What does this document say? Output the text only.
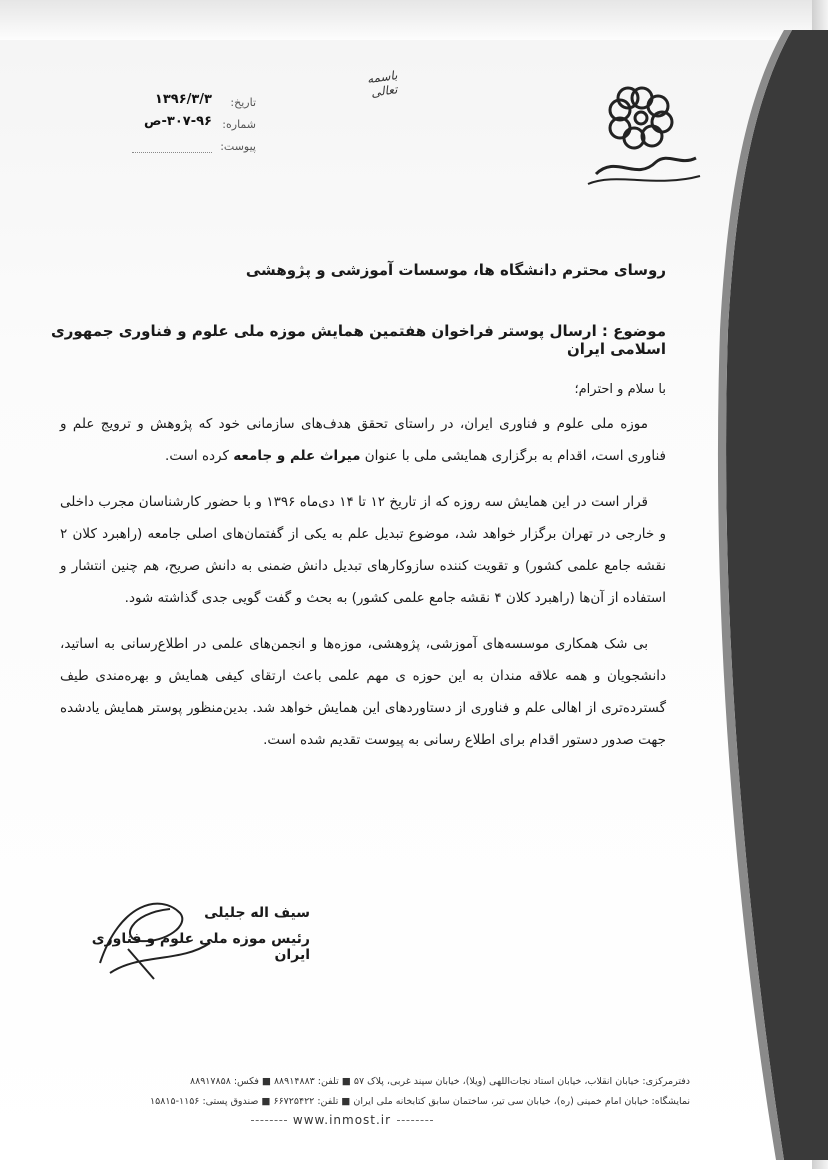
باسمه تعالی
تاریخ:
۱۳۹۶/۳/۳
شماره:
۳۰۷-۹۶-ص
پیوست:
روسای محترم دانشگاه ها، موسسات آموزشی و پژوهشی
موضوع : ارسال پوستر فراخوان هفتمین همایش موزه ملی علوم و فناوری جمهوری اسلامی ایران
با سلام و احترام؛

موزه ملی علوم و فناوری ایران، در راستای تحقق هدف‌های سازمانی خود که پژوهش و ترویج علم و فناوری است، اقدام به برگزاری همایشی ملی با عنوان میراث علم و جامعه کرده است.

قرار است در این همایش سه روزه که از تاریخ ۱۲ تا ۱۴ دی‌ماه ۱۳۹۶ و با حضور کارشناسان مجرب داخلی و خارجی در تهران برگزار خواهد شد، موضوع تبدیل علم به یکی از گفتمان‌های اصلی جامعه (راهبرد کلان ۲ نقشه جامع علمی کشور) و تقویت کننده سازوکارهای تبدیل دانش ضمنی به دانش صریح، هم چنین انتشار و استفاده از آن‌ها (راهبرد کلان ۴ نقشه جامع علمی کشور) به بحث و گفت گویی جدی گذاشته شود.

بی شک همکاری موسسه‌های آموزشی، پژوهشی، موزه‌ها و انجمن‌های علمی در اطلاع‌رسانی به اساتید، دانشجویان و همه علاقه مندان به این حوزه ی مهم علمی باعث ارتقای کیفی همایش و بهره‌مندی طیف گسترده‌تری از اهالی علم و فناوری از دستاوردهای این همایش خواهد شد. بدین‌منظور پوستر همایش یادشده جهت صدور دستور اقدام برای اطلاع رسانی به پیوست تقدیم شده است.

سیف اله جلیلی
رئیس موزه ملی علوم و فناوری ایران
دفترمرکزی: خیابان انقلاب، خیابان استاد نجات‌اللهی (ویلا)، خیابان سپند غربی، پلاک ۵۷ ■ تلفن: ۸۸۹۱۴۸۸۳ ■ فکس: ۸۸۹۱۷۸۵۸
نمایشگاه: خیابان امام خمینی (ره)، خیابان سی تیر، ساختمان سابق کتابخانه ملی ایران ■ تلفن: ۶۶۷۲۵۴۲۲ ■ صندوق پستی: ۱۱۵۶-۱۵۸۱۵
www.inmost.ir
